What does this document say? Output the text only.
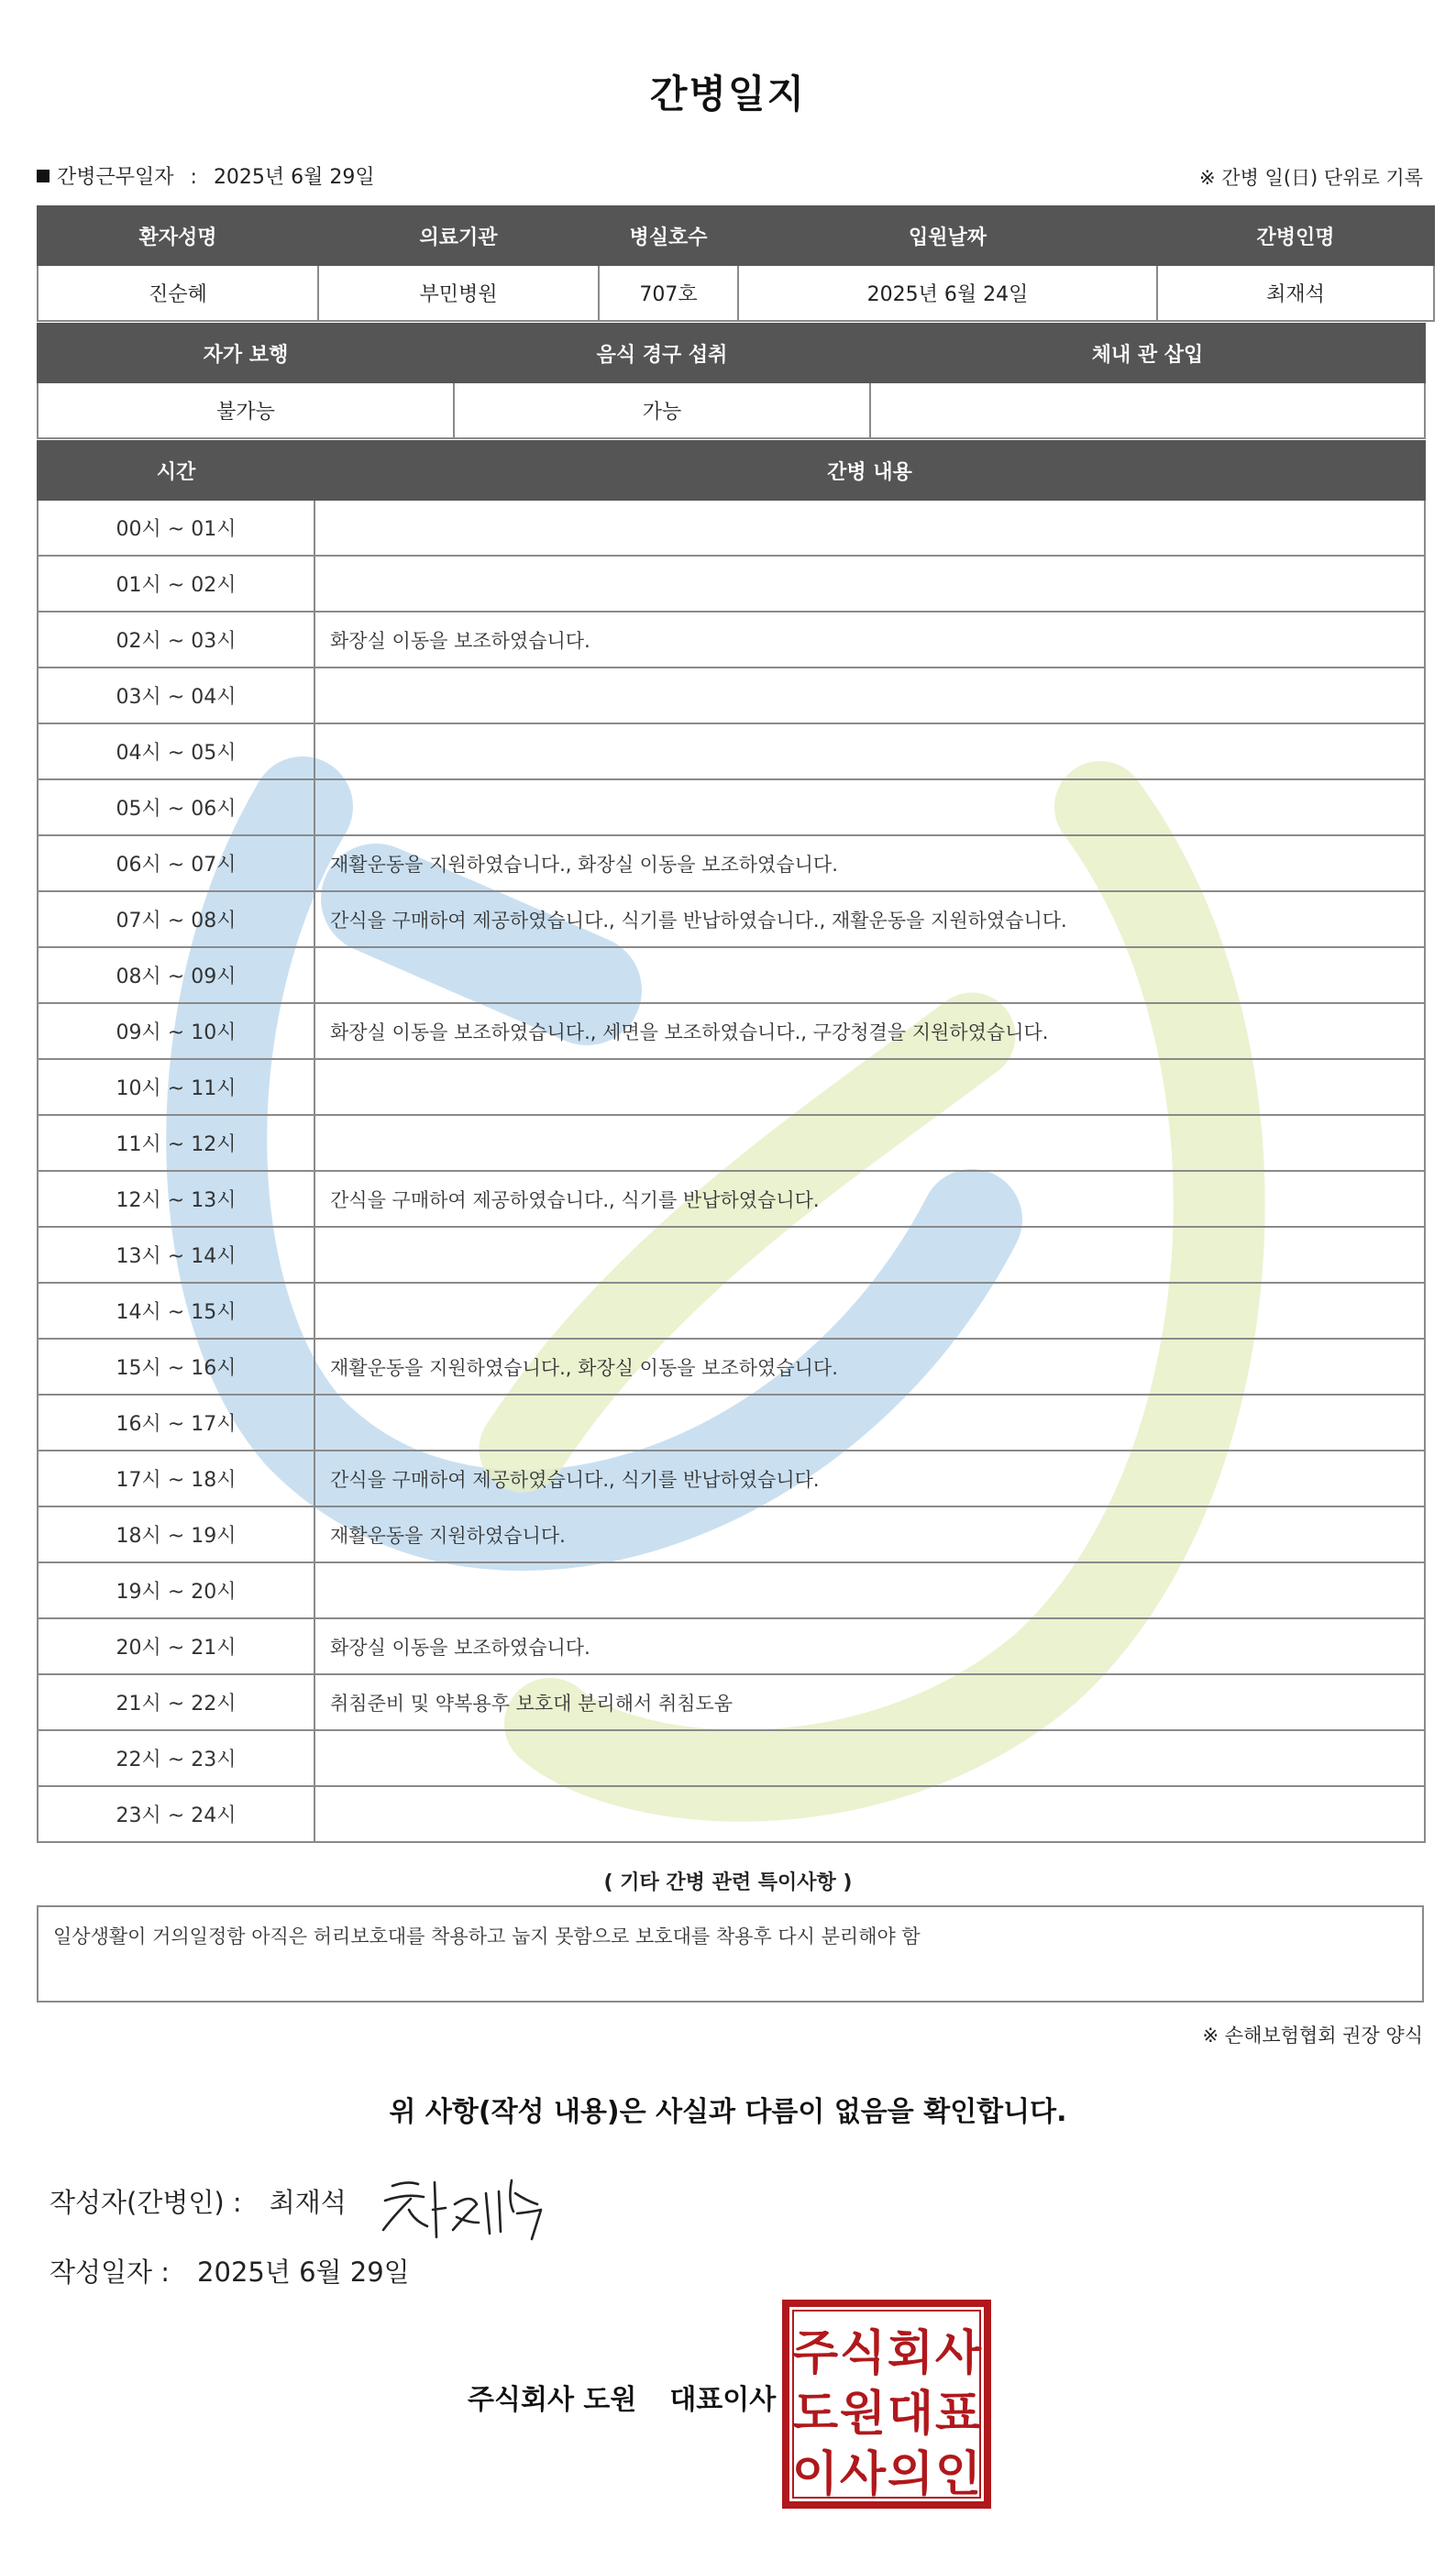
간병일지
간병근무일자 : 2025년 6월 29일	※ 간병 일(日) 단위로 기록
환자성명	의료기관	병실호수	입원날짜	간병인명
진순혜	부민병원	707호	2025년 6월 24일	최재석
자가 보행	음식 경구 섭취	체내 관 삽입
불가능	가능	
시간	간병 내용
00시 ~ 01시	
01시 ~ 02시	
02시 ~ 03시	화장실 이동을 보조하였습니다.
03시 ~ 04시	
04시 ~ 05시	
05시 ~ 06시	
06시 ~ 07시	재활운동을 지원하였습니다., 화장실 이동을 보조하였습니다.
07시 ~ 08시	간식을 구매하여 제공하였습니다., 식기를 반납하였습니다., 재활운동을 지원하였습니다.
08시 ~ 09시	
09시 ~ 10시	화장실 이동을 보조하였습니다., 세면을 보조하였습니다., 구강청결을 지원하였습니다.
10시 ~ 11시	
11시 ~ 12시	
12시 ~ 13시	간식을 구매하여 제공하였습니다., 식기를 반납하였습니다.
13시 ~ 14시	
14시 ~ 15시	
15시 ~ 16시	재활운동을 지원하였습니다., 화장실 이동을 보조하였습니다.
16시 ~ 17시	
17시 ~ 18시	간식을 구매하여 제공하였습니다., 식기를 반납하였습니다.
18시 ~ 19시	재활운동을 지원하였습니다.
19시 ~ 20시	
20시 ~ 21시	화장실 이동을 보조하였습니다.
21시 ~ 22시	취침준비 및 약복용후 보호대 분리해서 취침도움
22시 ~ 23시	
23시 ~ 24시	
( 기타 간병 관련 특이사항 )
일상생활이 거의일정함 아직은 허리보호대를 착용하고 눕지 못함으로 보호대를 착용후 다시 분리해야 함
※ 손해보험협회 권장 양식
위 사항(작성 내용)은 사실과 다름이 없음을 확인합니다.
작성자(간병인) : 최재석
작성일자 : 2025년 6월 29일
주식회사 도원 대표이사
주 식 회 사
도 원 대 표
이 사 의 인
